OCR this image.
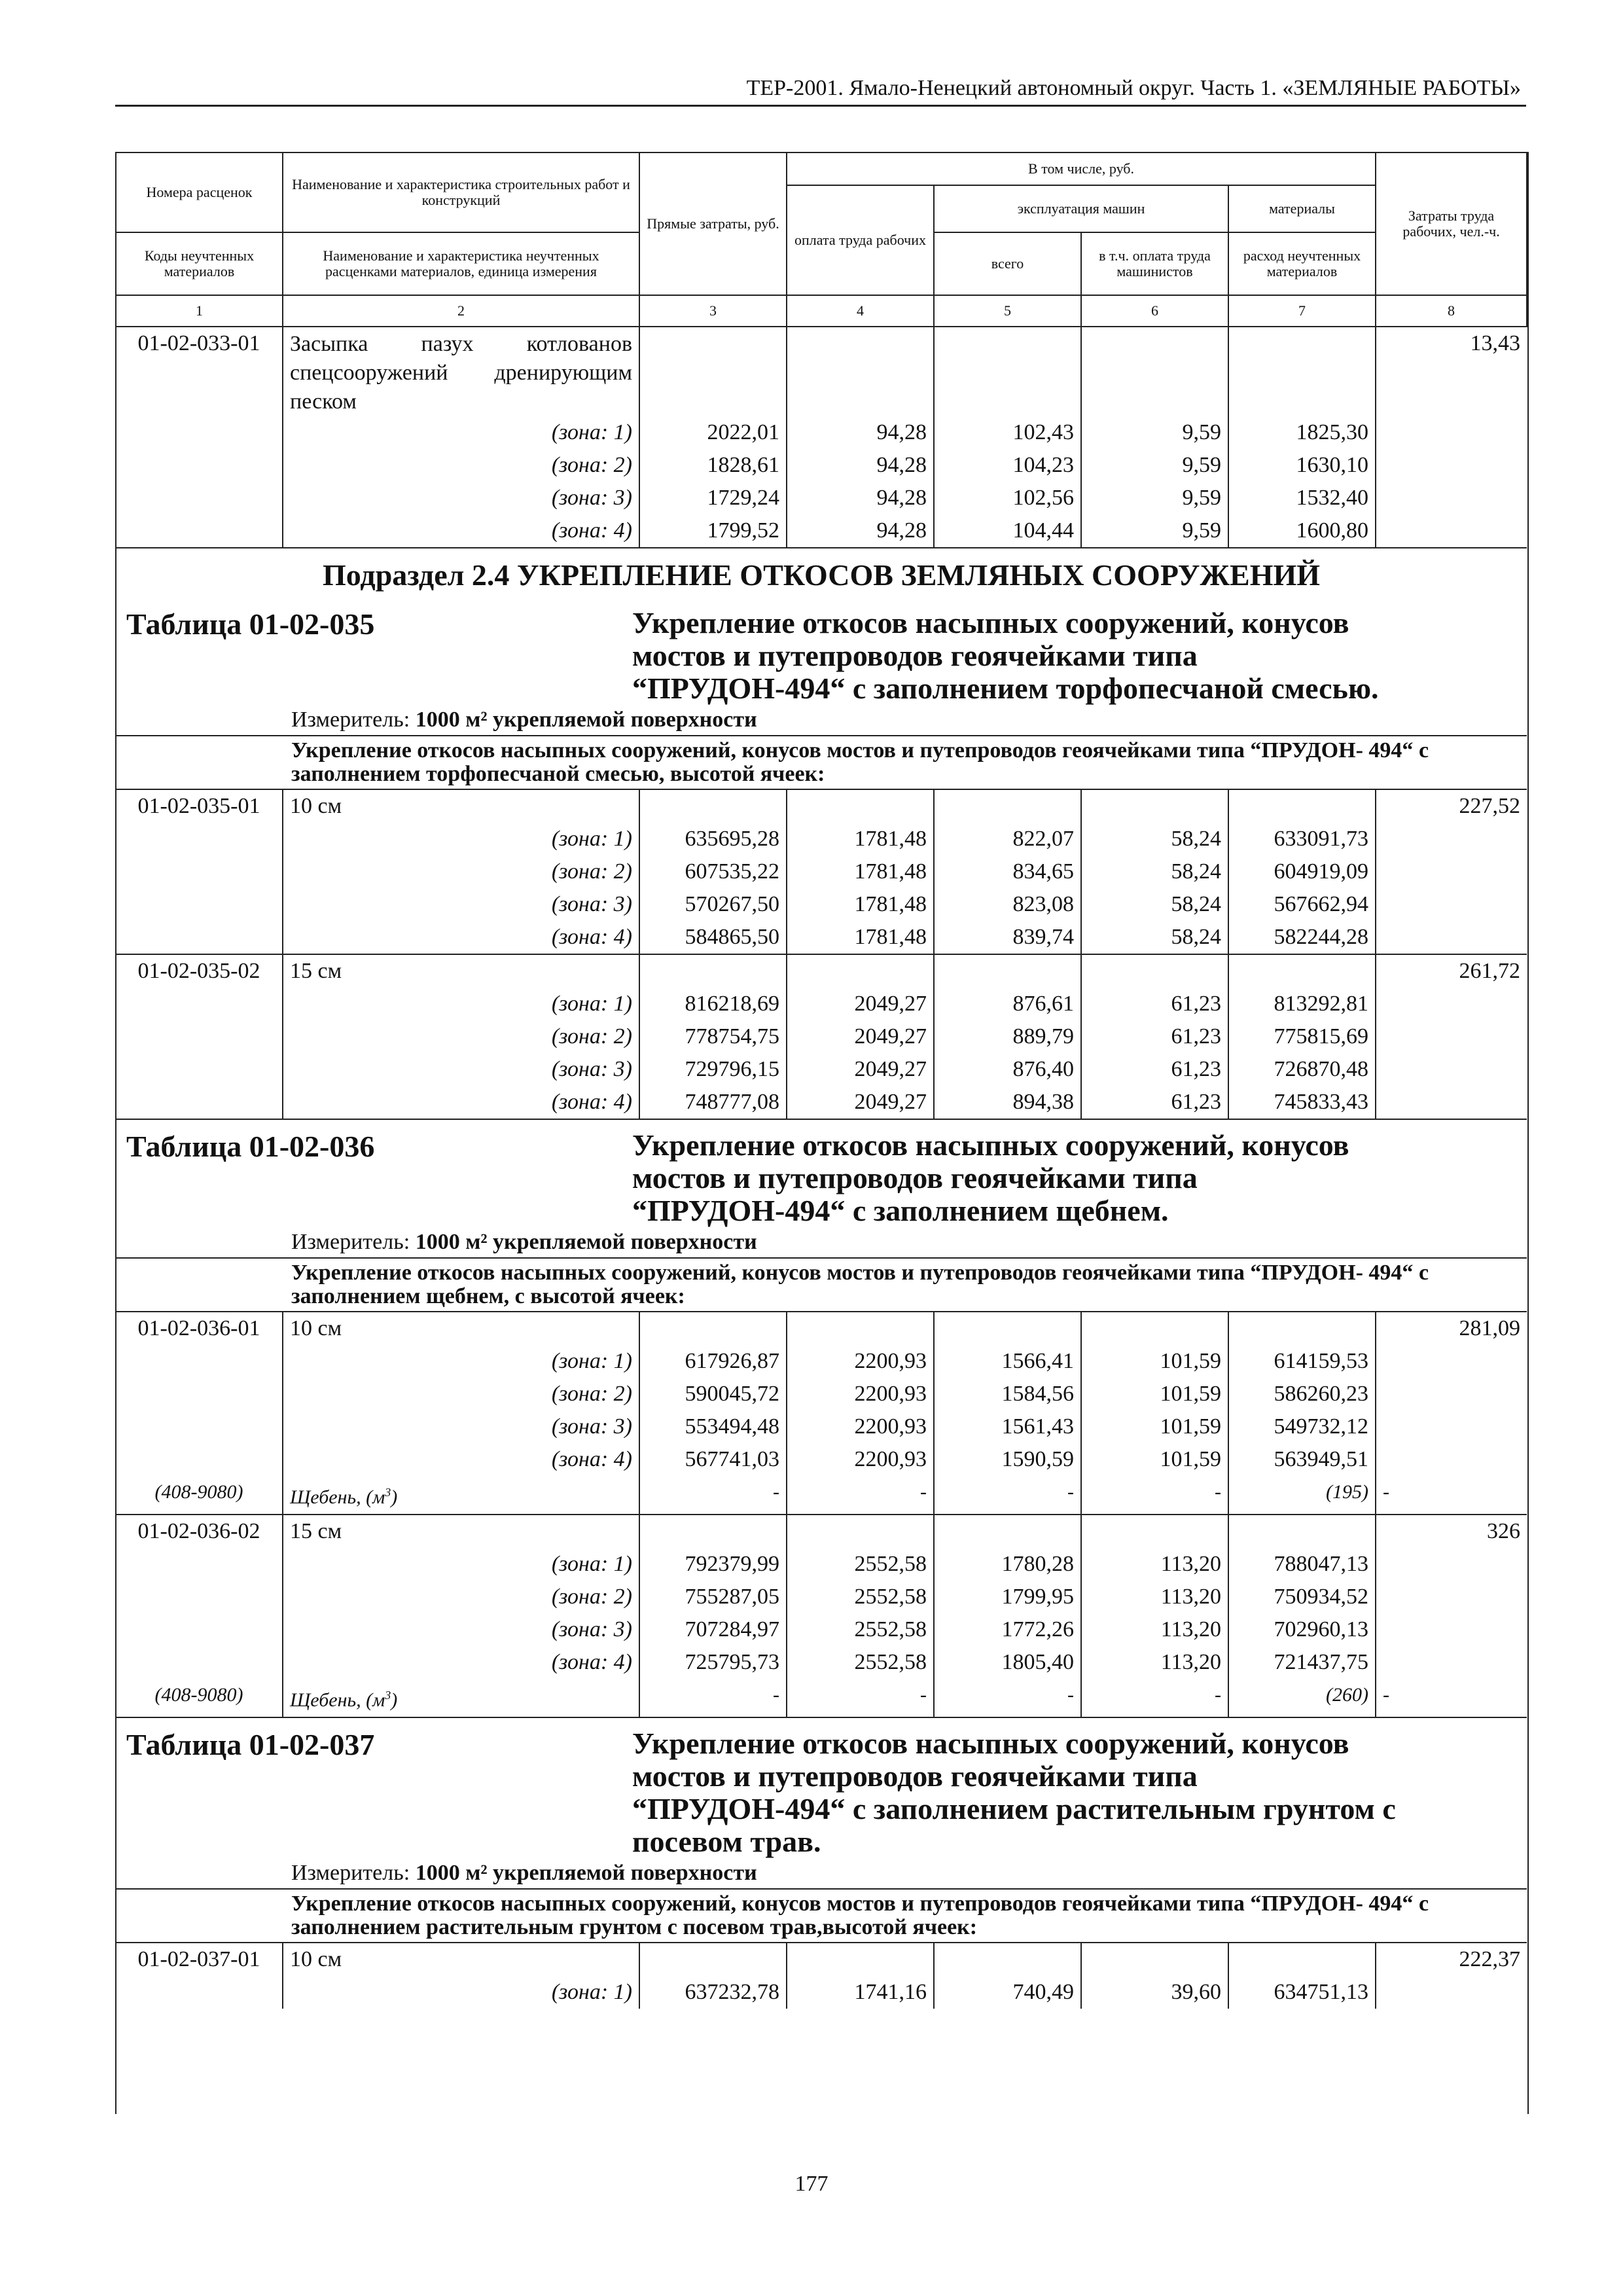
ТЕР-2001. Ямало-Ненецкий автономный округ. Часть 1. «ЗЕМЛЯНЫЕ РАБОТЫ»
Номера расценок	Наименование и характеристика строительных работ и конструкций	Прямые затраты, руб.	В том числе, руб.				Затраты труда рабочих, чел.-ч.
			оплата труда рабочих	эксплуатация машин		материалы	
Коды неучтенных материалов	Наименование и характеристика неучтенных расценками материалов, единица измерения			всего	в т.ч. оплата труда машинистов	расход неучтенных материалов	

1	2	3	4	5	6	7	8
01-02-033-01	Засыпка пазух котлованов спецсооружений дренирующим песком						13,43
	(зона: 1)	2022,01	94,28	102,43	9,59	1825,30	
	(зона: 2)	1828,61	94,28	104,23	9,59	1630,10	
	(зона: 3)	1729,24	94,28	102,56	9,59	1532,40	
	(зона: 4)	1799,52	94,28	104,44	9,59	1600,80	

Подраздел 2.4 УКРЕПЛЕНИЕ ОТКОСОВ ЗЕМЛЯНЫХ СООРУЖЕНИЙ
Таблица 01-02-035 Укрепление откосов насыпных сооружений, конусов мостов и путепроводов геоячейками типа “ПРУДОН-494“ с заполнением торфопесчаной смесью.
Измеритель: 1000 м² укрепляемой поверхности							

Укрепление откосов насыпных сооружений, конусов мостов и путепроводов геоячейками типа “ПРУДОН- 494“ с заполнением торфопесчаной смесью, высотой ячеек:							

01-02-035-01	10 см						227,52
	(зона: 1)	635695,28	1781,48	822,07	58,24	633091,73	
	(зона: 2)	607535,22	1781,48	834,65	58,24	604919,09	
	(зона: 3)	570267,50	1781,48	823,08	58,24	567662,94	
	(зона: 4)	584865,50	1781,48	839,74	58,24	582244,28	
01-02-035-02	15 см						261,72
	(зона: 1)	816218,69	2049,27	876,61	61,23	813292,81	
	(зона: 2)	778754,75	2049,27	889,79	61,23	775815,69	
	(зона: 3)	729796,15	2049,27	876,40	61,23	726870,48	
	(зона: 4)	748777,08	2049,27	894,38	61,23	745833,43	

Таблица 01-02-036 Укрепление откосов насыпных сооружений, конусов мостов и путепроводов геоячейками типа “ПРУДОН-494“ с заполнением щебнем.
Измеритель: 1000 м² укрепляемой поверхности							

Укрепление откосов насыпных сооружений, конусов мостов и путепроводов геоячейками типа “ПРУДОН- 494“ с заполнением щебнем, с высотой ячеек:							

01-02-036-01	10 см						281,09
	(зона: 1)	617926,87	2200,93	1566,41	101,59	614159,53	
	(зона: 2)	590045,72	2200,93	1584,56	101,59	586260,23	
	(зона: 3)	553494,48	2200,93	1561,43	101,59	549732,12	
	(зона: 4)	567741,03	2200,93	1590,59	101,59	563949,51	
(408-9080)	Щебень, $(м^3)$	-	-	-	-	(195)	-
01-02-036-02	15 см						326
	(зона: 1)	792379,99	2552,58	1780,28	113,20	788047,13	
	(зона: 2)	755287,05	2552,58	1799,95	113,20	750934,52	
	(зона: 3)	707284,97	2552,58	1772,26	113,20	702960,13	
	(зона: 4)	725795,73	2552,58	1805,40	113,20	721437,75	
(408-9080)	Щебень, $(м^3)$	-	-	-	-	(260)	-

Таблица 01-02-037 Укрепление откосов насыпных сооружений, конусов мостов и путепроводов геоячейками типа “ПРУДОН-494“ с заполнением растительным грунтом с посевом трав.
Измеритель: 1000 м² укрепляемой поверхности							

Укрепление откосов насыпных сооружений, конусов мостов и путепроводов геоячейками типа “ПРУДОН- 494“ с заполнением растительным грунтом с посевом трав,высотой ячеек:							

01-02-037-01	10 см						222,37
	(зона: 1)	637232,78	1741,16	740,49	39,60	634751,13	
177
